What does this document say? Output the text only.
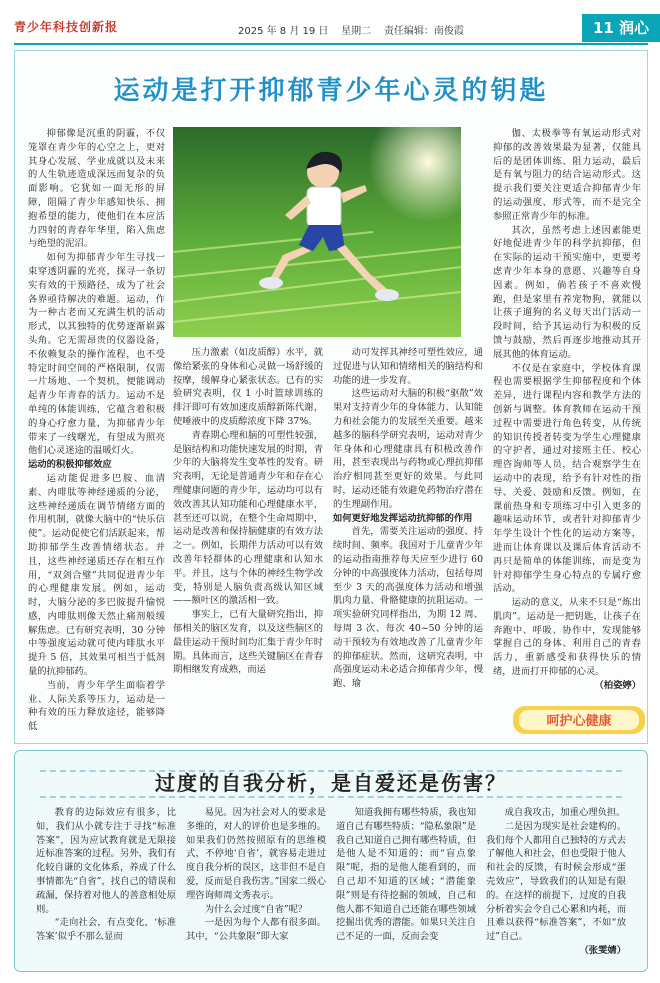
青少年科技创新报	2025 年 8 月 19 日    星期二    责任编辑：南俊霞	11 润心
运动是打开抑郁青少年心灵的钥匙

抑郁像是沉重的阴霾，不仅笼罩在青少年的心空之上，更对其身心发展、学业成就以及未来的人生轨迹造成深远而复杂的负面影响。它犹如一面无形的屏障，阻隔了青少年感知快乐、拥抱希望的能力，使他们在本应活力四射的青春年华里，陷入焦虑与绝望的泥沼。

如何为抑郁青少年生寻找一束穿透阴霾的光亮，探寻一条切实有效的干预路径，成为了社会各界亟待解决的难题。运动，作为一种古老而又充满生机的活动形式，以其独特的优势逐渐崭露头角。它无需昂贵的仪器设备，不依赖复杂的操作流程，也不受特定时间空间的严格限制，仅需一片场地、一个契机，便能调动起青少年青春的活力。运动不是单纯的体能训练，它蕴含着积极的身心疗愈力量，为抑郁青少年带来了一线曙光，有望成为照亮他们心灵迷途的温暖灯火。

运动的积极抑郁效应

运动能促进多巴胺、血清素、内啡肽等神经递质的分泌，这些神经递质在调节情绪方面的作用机制，就像大脑中的“快乐信使”。运动促使它们活跃起来，帮助抑郁学生改善情绪状态。并且，这些神经递质还存在相互作用，“双剑合璧”共同促进青少年的心理健康发展。例如，运动时，大脑分泌的多巴胺提升愉悦感，内啡肽则像天然止痛剂般缓解焦虑。已有研究表明，30 分钟中等强度运动就可使内啡肽水平提升 5 倍，其效果可相当于低剂量的抗抑郁药。

当前，青少年学生面临着学业、人际关系等压力，运动是一种有效的压力释放途径，能够降低

压力激素（如皮质醇）水平，就像给紧张的身体和心灵做一场舒缓的按摩，缓解身心紧张状态。已有的实验研究表明，仅 1 小时篮球训练的排汗即可有效加速皮质醇新陈代谢，使唾液中的皮质醇浓度下降 37%。

青春期心理和脑的可塑性较强，是脑结构和功能快速发展的时期，青少年的大脑将发生变革性的发育。研究表明，无论是普通青少年和存在心理健康问题的青少年，运动均可以有效改善其认知功能和心理健康水平，甚至还可以说，在整个生命周期中，运动是改善和保持脑健康的有效方法之一。例如，长期伴力活动可以有效改善年轻群体的心理健康和认知水平。并且，这与个体的神经生物学改变，特别是人脑负责高级认知区域——额叶区的激活相一致。

事实上，已有大量研究指出，抑郁相关的脑区发育，以及这些脑区的最佳运动干预时间均汇集于青少年时期。具体而言，这些关键脑区在青春期相继发育成熟，而运

动可发挥其神经可塑性效应，通过促进与认知和情绪相关的脑结构和功能的进一步发育。

这些运动对大脑的积极“驱散”效果对支持青少年的身体能力、认知能力和社会能力的发展至关重要。越来越多的脑科学研究表明，运动对青少年身体和心理健康具有积极改善作用，甚至表现出与药物或心理抗抑郁治疗相同甚至更好的效果。与此同时，运动还能有效避免药物治疗潜在的生理副作用。

如何更好地发挥运动抗抑郁的作用

首先，需要关注运动的强度、持续时间、频率。我国对于儿童青少年的运动指南推荐每天应至少进行 60 分钟的中高强度体力活动，包括每周至少 3 天的高强度体力活动和增强肌肉力量、骨骼健康的抗阻运动。一项实验研究同样指出，为期 12 周、每周 3 次、每次 40~50 分钟的运动干预较为有效地改善了儿童青少年的抑郁症状。然而，这研究表明，中高强度运动未必适合抑郁青少年，慢跑、瑜

伽、太极拳等有氧运动形式对抑郁的改善效果最为显著，仅能具后的是团体训练、阻力运动，最后是有氧与阻力的结合运动形式。这提示我们要关注更适合抑郁青少年的运动强度、形式等，而不是完全参照正常青少年的标准。

其次，虽然考虑上述因素能更好地促进青少年的科学抗抑郁，但在实际的运动干预实施中，更要考虑青少年本身的意愿、兴趣等自身因素。例如，倘若孩子不喜欢慢跑，但是家里有养宠物狗，就能以让孩子遛狗的名义每天出门活动一段时间，给予其运动行为积极的反馈与鼓励，然后再逐步地推动其开展其他的体育运动。

不仅是在家庭中，学校体育课程也需要根据学生抑郁程度和个体差异，进行课程内容和教学方法的创新与调整。体育教师在运动干预过程中需要进行角色转变，从传统的知识传授者转变为学生心理健康的守护者，通过对接班主任、校心理咨询师等人员，结合观察学生在运动中的表现，给予有针对性的指导、关爱、鼓励和反馈。例如，在课前热身和专项练习中引入更多的趣味运动环节，或者针对抑郁青少年学生设计个性化的运动方案等，进而让体育课以及课后体育活动不再只是简单的体能训练，而是变为针对抑郁学生身心特点的专属疗愈活动。

运动的意义，从来不只是“炼出肌肉”。运动是一把钥匙，让孩子在奔跑中、呼吸、协作中，发现能够掌握自己的身体、利用自己的青春活力，重新感受和获得快乐的情绪，进而打开抑郁的心灵。

（柏姿婷）

呵护心健康
过度的自我分析，是自爱还是伤害？

教育的边际效应有很多，比如，我们从小就专注于寻找“标准答案”，因为应试教育就是无限接近标准答案的过程。另外，我们有化较自谦的文化体系，养成了什么事情都先“自省”，找自己的错误和疏漏，保持着对他人的善意相处原则。

“走向社会，有点变化，‘标准答案’似乎不那么显而

易见。因为社会对人的要求是多维的，对人的评价也是多维的。如果我们仍然按照原有的思维模式，不停地‘自省’，就容易走进过度自我分析的误区，这非但不是自爱，反而是自我伤害。”国家二级心理咨询师周文秀表示。

为什么会过度“自省”呢？

一是因为每个人都有很多面。其中，“公共象限”即大家

知道我拥有哪些特质，我也知道自己有哪些特质；“隐私象限”是我自己知道自己拥有哪些特质，但是他人是不知道的；而“盲点象限”呢，指的是他人能看到的，而自己却不知道的区域；“潜能象限”则是有待挖掘的领域，自己和他人都不知道自己还能在哪些领域挖掘出优秀的潜能。如果只关注自己不足的一面，反而会变

成自我攻击，加重心理负担。

二是因为现实是社会建构的。我们每个人都用自己独特的方式去了解他人和社会，但也受限于他人和社会的反馈，有时候会形成“蛋壳效应”，导致我们的认知是有限的。在这样的前提下，过度的自我分析着实会令自己心累和内耗，而且难以获得“标准答案”，不如“放过”自己。

（张雯婧）
